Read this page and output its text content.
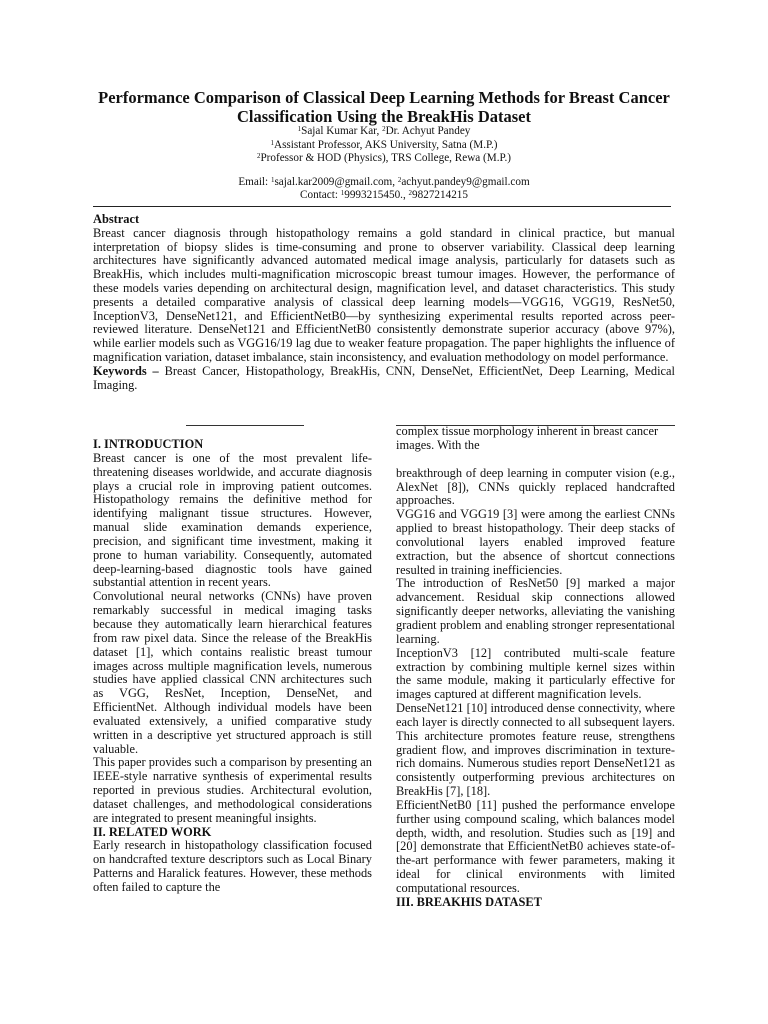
Performance Comparison of Classical Deep Learning Methods for Breast Cancer Classification Using the BreakHis Dataset
$^1$Sajal Kumar Kar, $^2$Dr. Achyut Pandey
$^1$Assistant Professor, AKS University, Satna (M.P.)
$^2$Professor & HOD (Physics), TRS College, Rewa (M.P.)
Email: $^1$sajal.kar2009@gmail.com, $^2$achyut.pandey9@gmail.com
Contact: $^1$9993215450., $^2$9827214215

Abstract

Breast cancer diagnosis through histopathology remains a gold standard in clinical practice, but manual interpretation of biopsy slides is time-consuming and prone to observer variability. Classical deep learning architectures have significantly advanced automated medical image analysis, particularly for datasets such as BreakHis, which includes multi-magnification microscopic breast tumour images. However, the performance of these models varies depending on architectural design, magnification level, and dataset characteristics. This study presents a detailed comparative analysis of classical deep learning models—VGG16, VGG19, ResNet50, InceptionV3, DenseNet121, and EfficientNetB0—by synthesizing experimental results reported across peer-reviewed literature. DenseNet121 and EfficientNetB0 consistently demonstrate superior accuracy (above 97%), while earlier models such as VGG16/19 lag due to weaker feature propagation. The paper highlights the influence of magnification variation, dataset imbalance, stain inconsistency, and evaluation methodology on model performance.

Keywords – Breast Cancer, Histopathology, BreakHis, CNN, DenseNet, EfficientNet, Deep Learning, Medical Imaging.

I. INTRODUCTION

Breast cancer is one of the most prevalent life-threatening diseases worldwide, and accurate diagnosis plays a crucial role in improving patient outcomes. Histopathology remains the definitive method for identifying malignant tissue structures. However, manual slide examination demands experience, precision, and significant time investment, making it prone to human variability. Consequently, automated deep-learning-based diagnostic tools have gained substantial attention in recent years.

Convolutional neural networks (CNNs) have proven remarkably successful in medical imaging tasks because they automatically learn hierarchical features from raw pixel data. Since the release of the BreakHis dataset [1], which contains realistic breast tumour images across multiple magnification levels, numerous studies have applied classical CNN architectures such as VGG, ResNet, Inception, DenseNet, and EfficientNet. Although individual models have been evaluated extensively, a unified comparative study written in a descriptive yet structured approach is still valuable.

This paper provides such a comparison by presenting an IEEE-style narrative synthesis of experimental results reported in previous studies. Architectural evolution, dataset challenges, and methodological considerations are integrated to present meaningful insights.

II. RELATED WORK

Early research in histopathology classification focused on handcrafted texture descriptors such as Local Binary Patterns and Haralick features. However, these methods often failed to capture the

complex tissue morphology inherent in breast cancer images. With the

breakthrough of deep learning in computer vision (e.g., AlexNet [8]), CNNs quickly replaced handcrafted approaches.

VGG16 and VGG19 [3] were among the earliest CNNs applied to breast histopathology. Their deep stacks of convolutional layers enabled improved feature extraction, but the absence of shortcut connections resulted in training inefficiencies.

The introduction of ResNet50 [9] marked a major advancement. Residual skip connections allowed significantly deeper networks, alleviating the vanishing gradient problem and enabling stronger representational learning.

InceptionV3 [12] contributed multi-scale feature extraction by combining multiple kernel sizes within the same module, making it particularly effective for images captured at different magnification levels.

DenseNet121 [10] introduced dense connectivity, where each layer is directly connected to all subsequent layers. This architecture promotes feature reuse, strengthens gradient flow, and improves discrimination in texture-rich domains. Numerous studies report DenseNet121 as consistently outperforming previous architectures on BreakHis [7], [18].

EfficientNetB0 [11] pushed the performance envelope further using compound scaling, which balances model depth, width, and resolution. Studies such as [19] and [20] demonstrate that EfficientNetB0 achieves state-of-the-art performance with fewer parameters, making it ideal for clinical environments with limited computational resources.

III. BREAKHIS DATASET
